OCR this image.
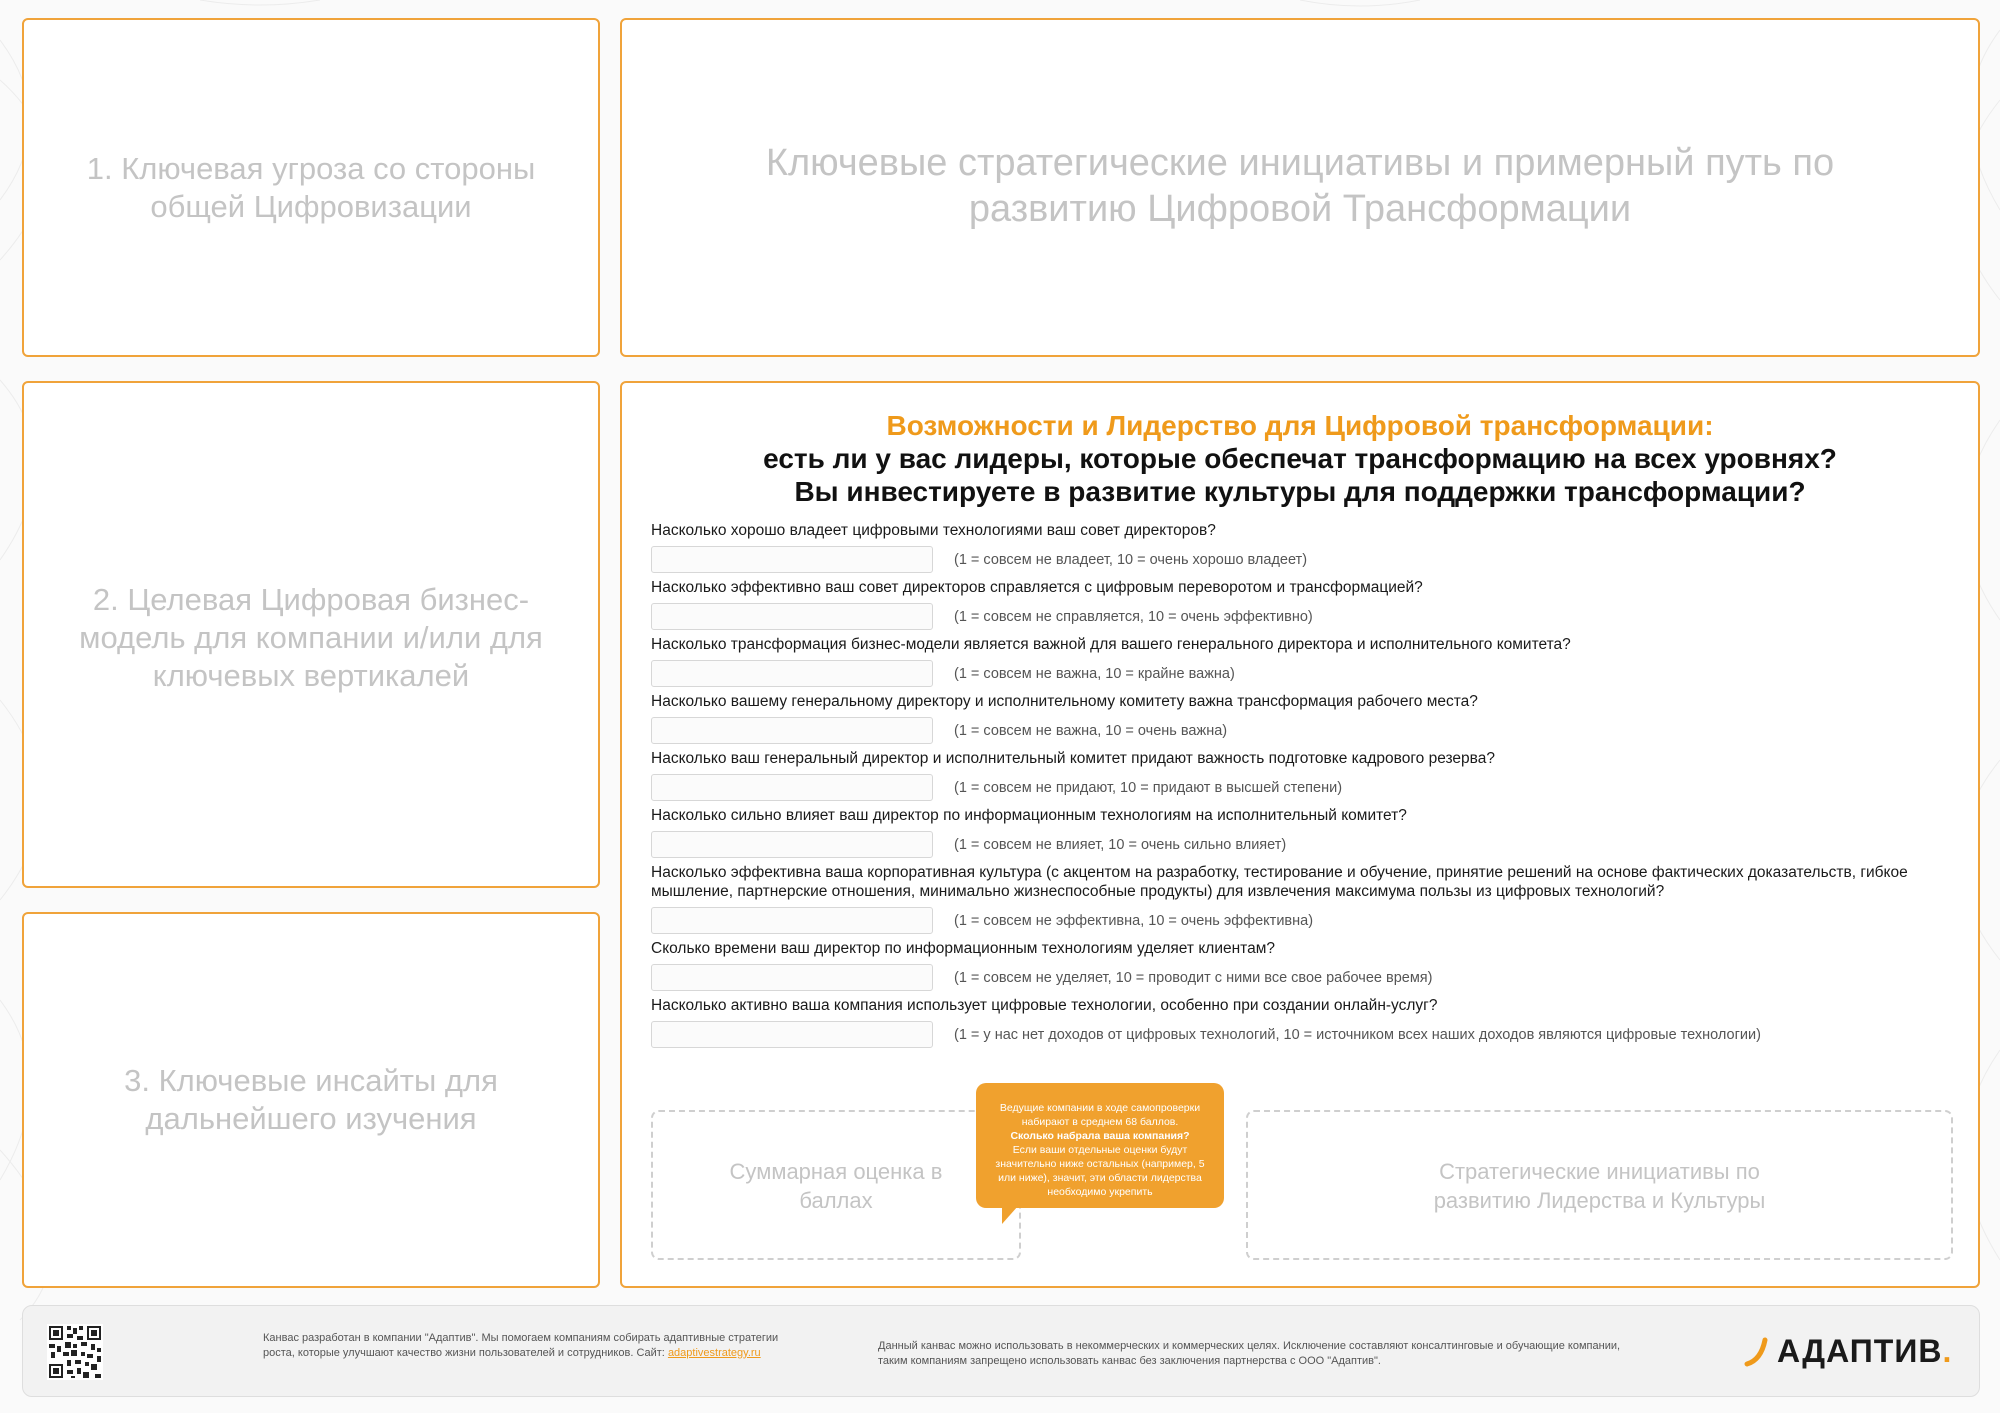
1. Ключевая угроза со стороны общей Цифровизации
Ключевые стратегические инициативы и примерный путь по развитию Цифровой Трансформации
2. Целевая Цифровая бизнес-модель для компании и/или для ключевых вертикалей
3. Ключевые инсайты для дальнейшего изучения
Возможности и Лидерство для Цифровой трансформации:
есть ли у вас лидеры, которые обеспечат трансформацию на всех уровнях?
Вы инвестируете в развитие культуры для поддержки трансформации?
Насколько хорошо владеет цифровыми технологиями ваш совет директоров?
(1 = совсем не владеет, 10 = очень хорошо владеет)
Насколько эффективно ваш совет директоров справляется с цифровым переворотом и трансформацией?
(1 = совсем не справляется, 10 = очень эффективно)
Насколько трансформация бизнес-модели является важной для вашего генерального директора и исполнительного комитета?
(1 = совсем не важна, 10 = крайне важна)
Насколько вашему генеральному директору и исполнительному комитету важна трансформация рабочего места?
(1 = совсем не важна, 10 = очень важна)
Насколько ваш генеральный директор и исполнительный комитет придают важность подготовке кадрового резерва?
(1 = совсем не придают, 10 = придают в высшей степени)
Насколько сильно влияет ваш директор по информационным технологиям на исполнительный комитет?
(1 = совсем не влияет, 10 = очень сильно влияет)
Насколько эффективна ваша корпоративная культура (с акцентом на разработку, тестирование и обучение, принятие решений на основе фактических доказательств, гибкое мышление, партнерские отношения, минимально жизнеспособные продукты) для извлечения максимума пользы из цифровых технологий?
(1 = совсем не эффективна, 10 = очень эффективна)
Сколько времени ваш директор по информационным технологиям уделяет клиентам?
(1 = совсем не уделяет, 10 = проводит с ними все свое рабочее время)
Насколько активно ваша компания использует цифровые технологии, особенно при создании онлайн-услуг?
(1 = у нас нет доходов от цифровых технологий, 10 = источником всех наших доходов являются цифровые технологии)
Суммарная оценка в баллах
Стратегические инициативы по развитию Лидерства и Культуры
Ведущие компании в ходе самопроверки набирают в среднем 68 баллов.
Сколько набрала ваша компания?
Если ваши отдельные оценки будут значительно ниже остальных (например, 5 или ниже), значит, эти области лидерства необходимо укрепить
Канвас разработан в компании "Адаптив". Мы помогаем компаниям собирать адаптивные стратегии роста, которые улучшают качество жизни пользователей и сотрудников. Сайт: adaptivestrategy.ru
Данный канвас можно использовать в некоммерческих и коммерческих целях. Исключение составляют консалтинговые и обучающие компании, таким компаниям запрещено использовать канвас без заключения партнерства с ООО "Адаптив".	АДАПТИВ .
